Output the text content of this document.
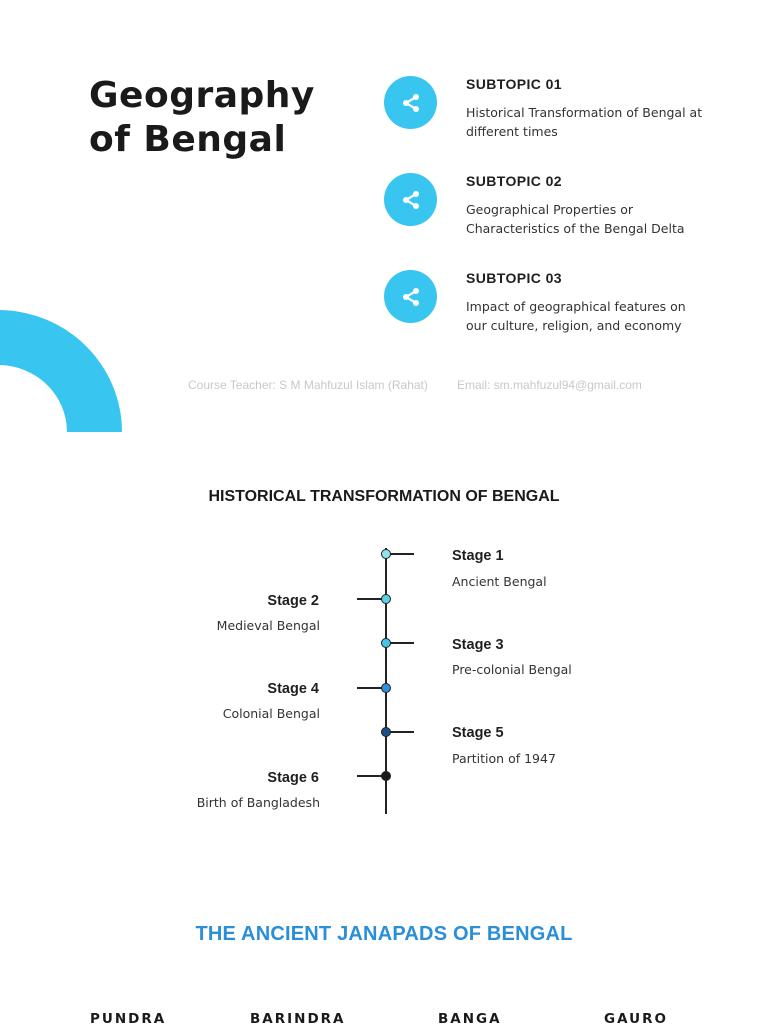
Geography
of Bengal
SUBTOPIC 01
Historical Transformation of Bengal at different times
SUBTOPIC 02
Geographical Properties or Characteristics of the Bengal Delta
SUBTOPIC 03
Impact of geographical features on our culture, religion, and economy
Course Teacher: S M Mahfuzul Islam (Rahat) Email: sm.mahfuzul94@gmail.com
HISTORICAL TRANSFORMATION OF BENGAL
Stage 1
Ancient Bengal
Stage 2
Medieval Bengal
Stage 3
Pre-colonial Bengal
Stage 4
Colonial Bengal
Stage 5
Partition of 1947
Stage 6
Birth of Bangladesh
THE ANCIENT JANAPADS OF BENGAL
PUNDRA	BARINDRA	BANGA	GAURO
